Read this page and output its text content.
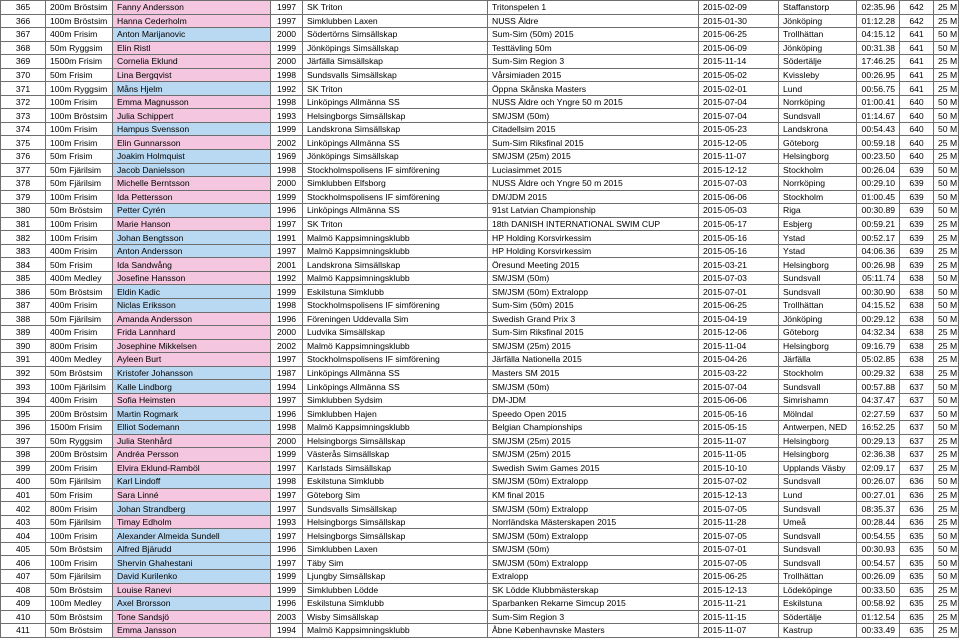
365	200m Bröstsim	Fanny Andersson	1997	SK Triton	Tritonspelen 1	2015-02-09	Staffanstorp	02:35.96	642	25 M
366	100m Bröstsim	Hanna Cederholm	1997	Simklubben Laxen	NUSS Äldre	2015-01-30	Jönköping	01:12.28	642	25 M
367	400m Frisim	Anton Marijanovic	2000	Södertörns Simsällskap	Sum-Sim (50m) 2015	2015-06-25	Trollhättan	04:15.12	641	50 M
368	50m Ryggsim	Elin Ristl	1999	Jönköpings Simsällskap	Testtävling 50m	2015-06-09	Jönköping	00:31.38	641	50 M
369	1500m Frisim	Cornelia Eklund	2000	Järfälla Simsällskap	Sum-Sim Region 3	2015-11-14	Södertälje	17:46.25	641	25 M
370	50m Frisim	Lina Bergqvist	1998	Sundsvalls Simsällskap	Vårsimiaden 2015	2015-05-02	Kvissleby	00:26.95	641	25 M
371	100m Ryggsim	Måns Hjelm	1992	SK Triton	Öppna Skånska Masters	2015-02-01	Lund	00:56.75	641	25 M
372	100m Frisim	Emma Magnusson	1998	Linköpings Allmänna SS	NUSS Äldre och Yngre 50 m 2015	2015-07-04	Norrköping	01:00.41	640	50 M
373	100m Bröstsim	Julia Schippert	1993	Helsingborgs Simsällskap	SM/JSM (50m)	2015-07-04	Sundsvall	01:14.67	640	50 M
374	100m Frisim	Hampus Svensson	1999	Landskrona Simsällskap	Citadellsim 2015	2015-05-23	Landskrona	00:54.43	640	50 M
375	100m Frisim	Elin Gunnarsson	2002	Linköpings Allmänna SS	Sum-Sim Riksfinal 2015	2015-12-05	Göteborg	00:59.18	640	25 M
376	50m Frisim	Joakim Holmquist	1969	Jönköpings Simsällskap	SM/JSM (25m) 2015	2015-11-07	Helsingborg	00:23.50	640	25 M
377	50m Fjärilsim	Jacob Danielsson	1998	Stockholmspolisens IF simförening	Luciasimmet 2015	2015-12-12	Stockholm	00:26.04	639	50 M
378	50m Fjärilsim	Michelle Berntsson	2000	Simklubben Elfsborg	NUSS Äldre och Yngre 50 m 2015	2015-07-03	Norrköping	00:29.10	639	50 M
379	100m Frisim	Ida Pettersson	1999	Stockholmspolisens IF simförening	DM/JDM 2015	2015-06-06	Stockholm	01:00.45	639	50 M
380	50m Bröstsim	Petter Cyrén	1996	Linköpings Allmänna SS	91st Latvian Championship	2015-05-03	Riga	00:30.89	639	50 M
381	100m Frisim	Marie Hanson	1997	SK Triton	18th DANISH INTERNATIONAL SWIM CUP	2015-05-17	Esbjerg	00:59.21	639	25 M
382	100m Frisim	Johan Bengtsson	1991	Malmö Kappsimningsklubb	HP Holding Korsvirkessim	2015-05-16	Ystad	00:52.17	639	25 M
383	400m Frisim	Anton Andersson	1997	Malmö Kappsimningsklubb	HP Holding Korsvirkessim	2015-05-16	Ystad	04:06.36	639	25 M
384	50m Frisim	Ida Sandwång	2001	Landskrona Simsällskap	Öresund Meeting 2015	2015-03-21	Helsingborg	00:26.98	639	25 M
385	400m Medley	Josefine Hansson	1992	Malmö Kappsimningsklubb	SM/JSM (50m)	2015-07-03	Sundsvall	05:11.74	638	50 M
386	50m Bröstsim	Eldin Kadic	1999	Eskilstuna Simklubb	SM/JSM (50m) Extralopp	2015-07-01	Sundsvall	00:30.90	638	50 M
387	400m Frisim	Niclas Eriksson	1998	Stockholmspolisens IF simförening	Sum-Sim (50m) 2015	2015-06-25	Trollhättan	04:15.52	638	50 M
388	50m Fjärilsim	Amanda Andersson	1996	Föreningen Uddevalla Sim	Swedish Grand Prix 3	2015-04-19	Jönköping	00:29.12	638	50 M
389	400m Frisim	Frida Lannhard	2000	Ludvika Simsällskap	Sum-Sim Riksfinal 2015	2015-12-06	Göteborg	04:32.34	638	25 M
390	800m Frisim	Josephine Mikkelsen	2002	Malmö Kappsimningsklubb	SM/JSM (25m) 2015	2015-11-04	Helsingborg	09:16.79	638	25 M
391	400m Medley	Ayleen Burt	1997	Stockholmspolisens IF simförening	Järfälla Nationella 2015	2015-04-26	Järfälla	05:02.85	638	25 M
392	50m Bröstsim	Kristofer Johansson	1987	Linköpings Allmänna SS	Masters SM 2015	2015-03-22	Stockholm	00:29.32	638	25 M
393	100m Fjärilsim	Kalle Lindborg	1994	Linköpings Allmänna SS	SM/JSM (50m)	2015-07-04	Sundsvall	00:57.88	637	50 M
394	400m Frisim	Sofia Heimsten	1997	Simklubben Sydsim	DM-JDM	2015-06-06	Simrishamn	04:37.47	637	50 M
395	200m Bröstsim	Martin Rogmark	1996	Simklubben Hajen	Speedo Open 2015	2015-05-16	Mölndal	02:27.59	637	50 M
396	1500m Frisim	Elliot Sodemann	1998	Malmö Kappsimningsklubb	Belgian Championships	2015-05-15	Antwerpen, NED	16:52.25	637	50 M
397	50m Ryggsim	Julia Stenhård	2000	Helsingborgs Simsällskap	SM/JSM (25m) 2015	2015-11-07	Helsingborg	00:29.13	637	25 M
398	200m Bröstsim	Andréa Persson	1999	Västerås Simsällskap	SM/JSM (25m) 2015	2015-11-05	Helsingborg	02:36.38	637	25 M
399	200m Frisim	Elvira Eklund-Ramböl	1997	Karlstads Simsällskap	Swedish Swim Games 2015	2015-10-10	Upplands Väsby	02:09.17	637	25 M
400	50m Fjärilsim	Karl Lindoff	1998	Eskilstuna Simklubb	SM/JSM (50m) Extralopp	2015-07-02	Sundsvall	00:26.07	636	50 M
401	50m Frisim	Sara Linné	1997	Göteborg Sim	KM final 2015	2015-12-13	Lund	00:27.01	636	25 M
402	800m Frisim	Johan Strandberg	1997	Sundsvalls Simsällskap	SM/JSM (50m) Extralopp	2015-07-05	Sundsvall	08:35.37	636	25 M
403	50m Fjärilsim	Timay Edholm	1993	Helsingborgs Simsällskap	Norrländska Mästerskapen 2015	2015-11-28	Umeå	00:28.44	636	25 M
404	100m Frisim	Alexander Almeida Sundell	1997	Helsingborgs Simsällskap	SM/JSM (50m) Extralopp	2015-07-05	Sundsvall	00:54.55	635	50 M
405	50m Bröstsim	Alfred Bjärudd	1996	Simklubben Laxen	SM/JSM (50m)	2015-07-01	Sundsvall	00:30.93	635	50 M
406	100m Frisim	Shervin Ghahestani	1997	Täby Sim	SM/JSM (50m) Extralopp	2015-07-05	Sundsvall	00:54.57	635	50 M
407	50m Fjärilsim	David Kurilenko	1999	Ljungby Simsällskap	Extralopp	2015-06-25	Trollhättan	00:26.09	635	50 M
408	50m Bröstsim	Louise Ranevi	1999	Simklubben Lödde	SK Lödde Klubbmästerskap	2015-12-13	Lödeköpinge	00:33.50	635	25 M
409	100m Medley	Axel Brorsson	1996	Eskilstuna Simklubb	Sparbanken Rekarne Simcup 2015	2015-11-21	Eskilstuna	00:58.92	635	25 M
410	50m Bröstsim	Tone Sandsjö	2003	Wisby Simsällskap	Sum-Sim Region 3	2015-11-15	Södertälje	01:12.54	635	25 M
411	50m Bröstsim	Emma Jansson	1994	Malmö Kappsimningsklubb	Åbne Københavnske Masters	2015-11-07	Kastrup	00:33.49	635	25 M
